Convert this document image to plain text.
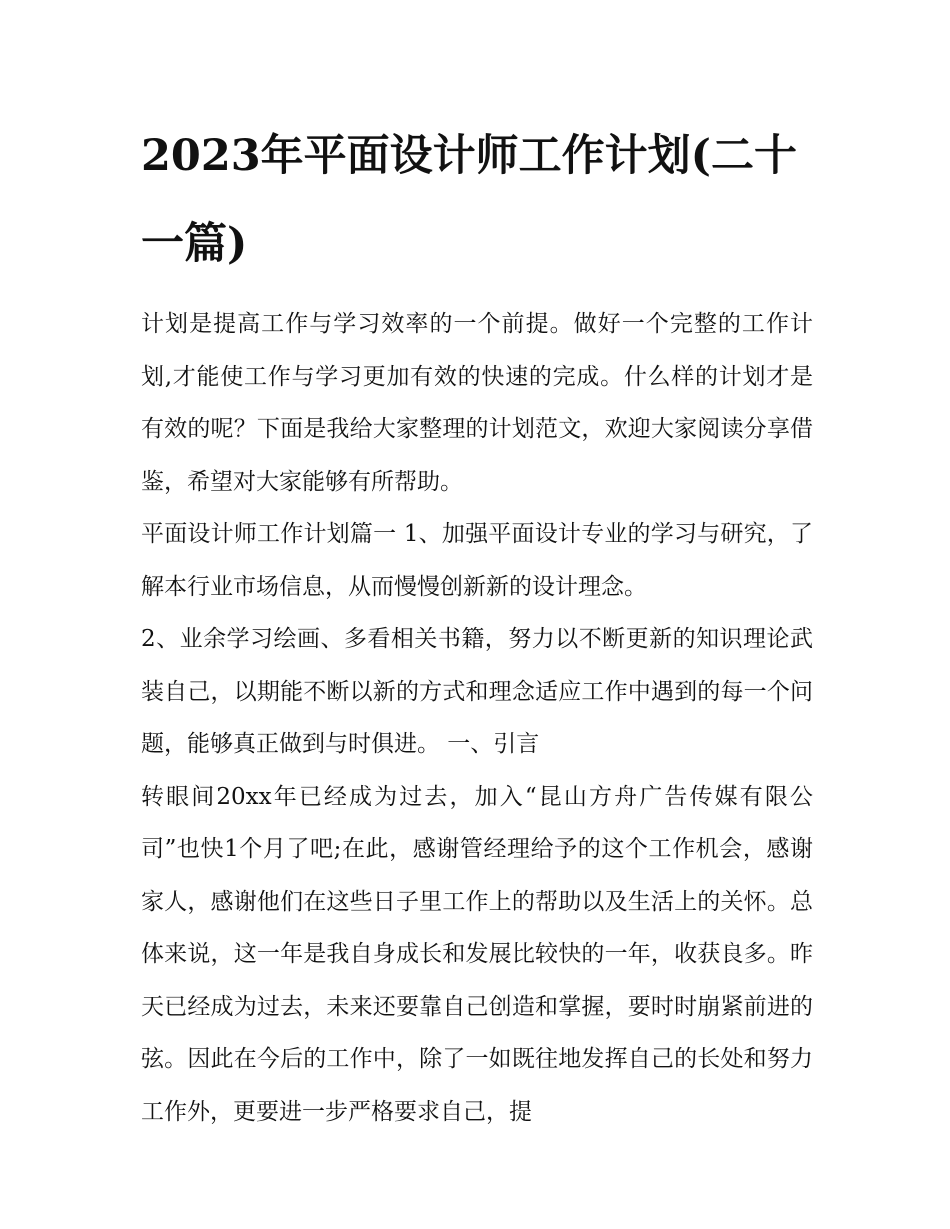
2023年平面设计师工作计划(二十一篇)

计划是提高工作与学习效率的一个前提。做好一个完整的工作计划,才能使工作与学习更加有效的快速的完成。什么样的计划才是有效的呢？下面是我给大家整理的计划范文，欢迎大家阅读分享借鉴，希望对大家能够有所帮助。

平面设计师工作计划篇一 1、加强平面设计专业的学习与研究，了解本行业市场信息，从而慢慢创新新的设计理念。

2、业余学习绘画、多看相关书籍，努力以不断更新的知识理论武装自己，以期能不断以新的方式和理念适应工作中遇到的每一个问题，能够真正做到与时俱进。 一、引言

转眼间20xx年已经成为过去，加入“昆山方舟广告传媒有限公司”也快1个月了吧;在此，感谢管经理给予的这个工作机会，感谢家人，感谢他们在这些日子里工作上的帮助以及生活上的关怀。总体来说，这一年是我自身成长和发展比较快的一年，收获良多。昨天已经成为过去，未来还要靠自己创造和掌握，要时时崩紧前进的弦。因此在今后的工作中，除了一如既往地发挥自己的长处和努力工作外，更要进一步严格要求自己，提
